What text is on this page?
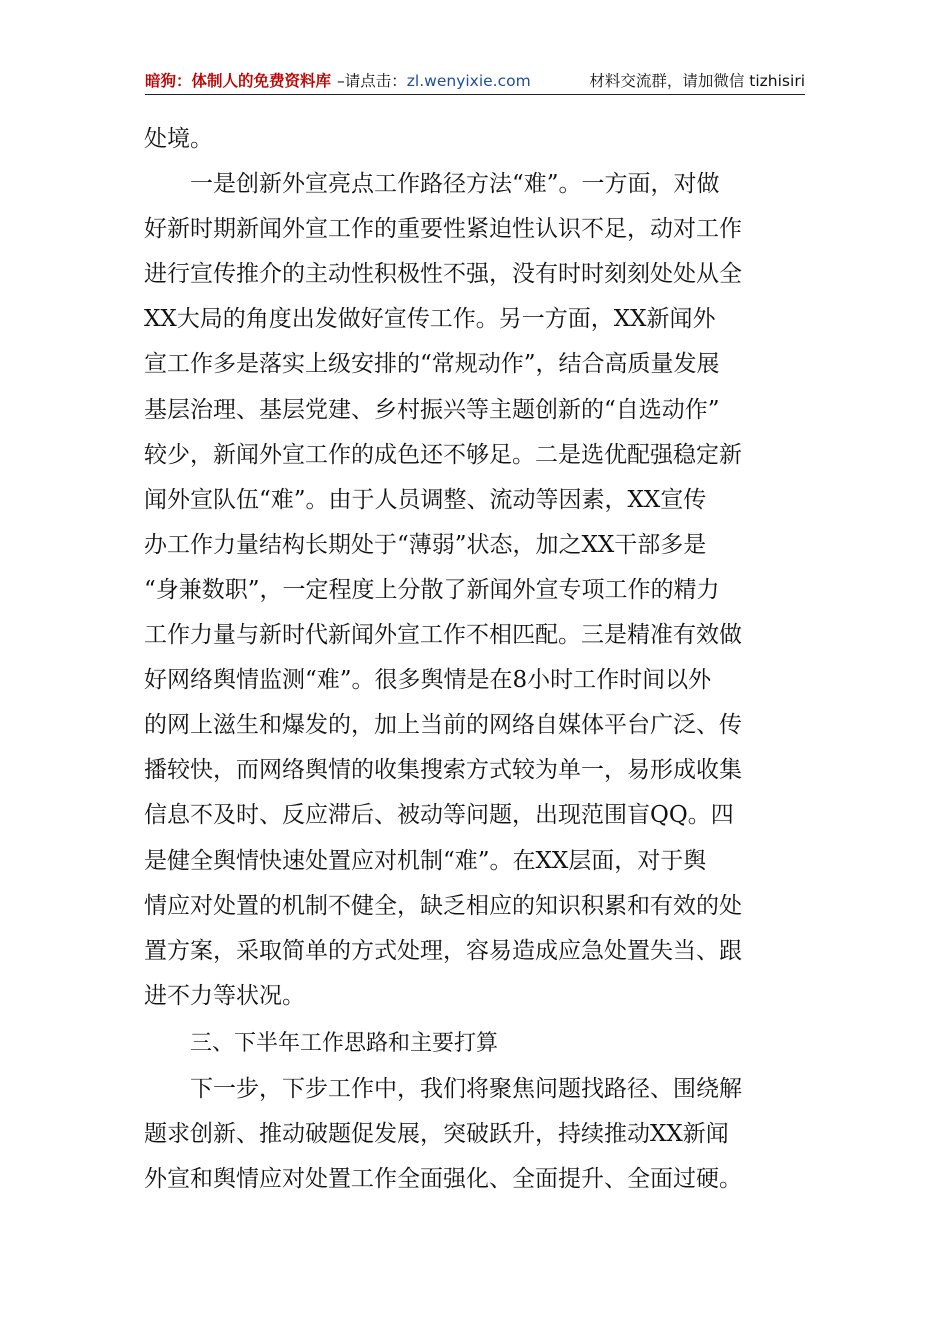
暗狗：体制人的免费资料库 –请点击：zl.wenyixie.com	材料交流群，请加微信 tizhisiri
处境。
一是创新外宣亮点工作路径方法“难”。一方面，对做
好新时期新闻外宣工作的重要性紧迫性认识不足，动对工作
进行宣传推介的主动性积极性不强，没有时时刻刻处处从全
XX大局的角度出发做好宣传工作。另一方面，XX新闻外
宣工作多是落实上级安排的“常规动作”，结合高质量发展
基层治理、基层党建、乡村振兴等主题创新的“自选动作”
较少，新闻外宣工作的成色还不够足。二是选优配强稳定新
闻外宣队伍“难”。由于人员调整、流动等因素，XX宣传
办工作力量结构长期处于“薄弱”状态，加之XX干部多是
“身兼数职”，一定程度上分散了新闻外宣专项工作的精力
工作力量与新时代新闻外宣工作不相匹配。三是精准有效做
好网络舆情监测“难”。很多舆情是在8小时工作时间以外
的网上滋生和爆发的，加上当前的网络自媒体平台广泛、传
播较快，而网络舆情的收集搜索方式较为单一，易形成收集
信息不及时、反应滞后、被动等问题，出现范围盲QQ。四
是健全舆情快速处置应对机制“难”。在XX层面，对于舆
情应对处置的机制不健全，缺乏相应的知识积累和有效的处
置方案，采取简单的方式处理，容易造成应急处置失当、跟
进不力等状况。
三、下半年工作思路和主要打算
下一步，下步工作中，我们将聚焦问题找路径、围绕解
题求创新、推动破题促发展，突破跃升，持续推动XX新闻
外宣和舆情应对处置工作全面强化、全面提升、全面过硬。
